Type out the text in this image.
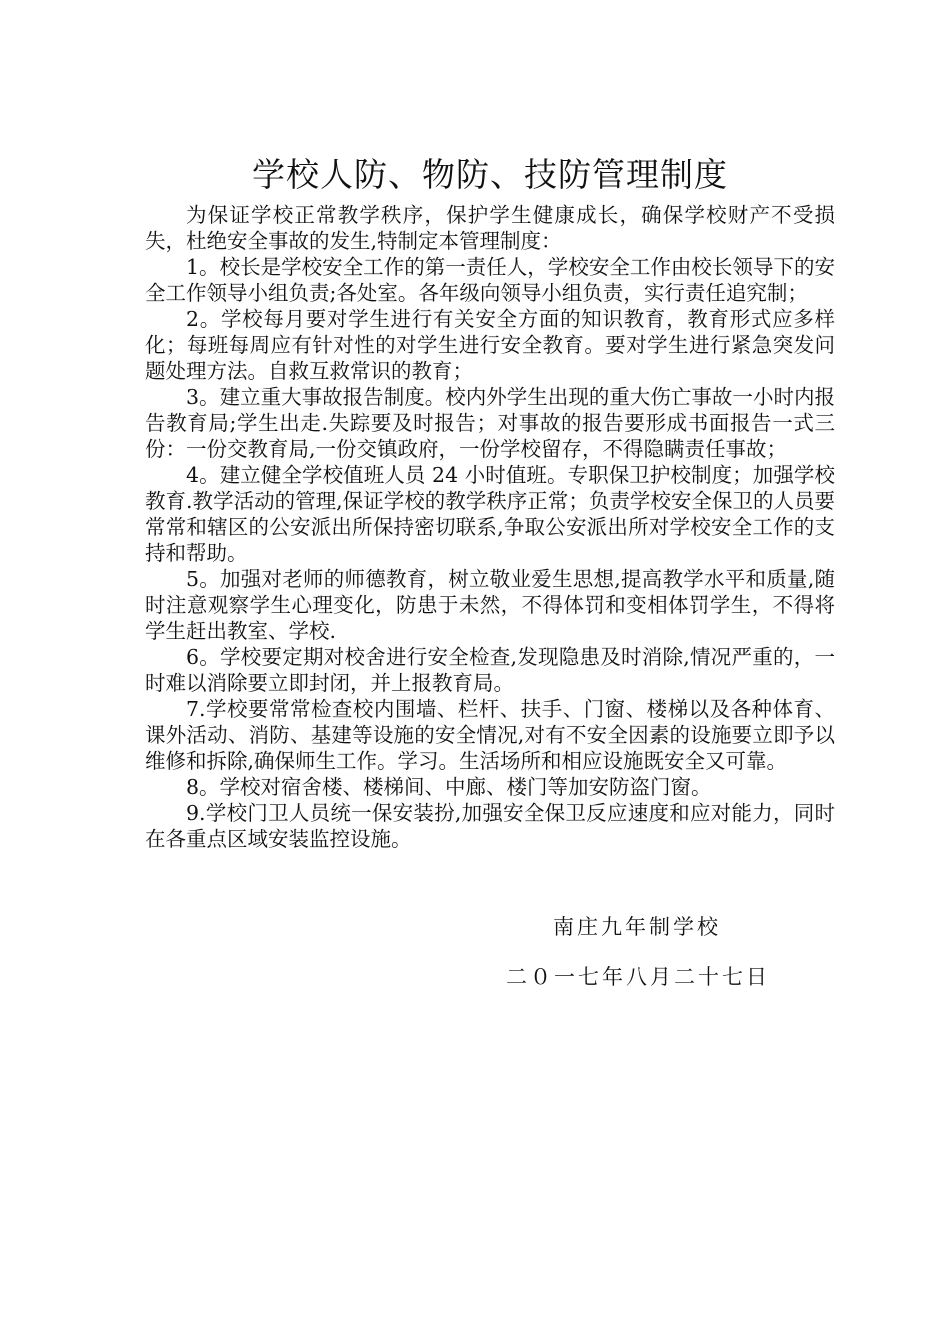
学校人防、物防、技防管理制度

为保证学校正常教学秩序，保护学生健康成长，确保学校财产不受损失，杜绝安全事故的发生,特制定本管理制度：

1。校长是学校安全工作的第一责任人，学校安全工作由校长领导下的安全工作领导小组负责;各处室。各年级向领导小组负责，实行责任追究制；

2。学校每月要对学生进行有关安全方面的知识教育，教育形式应多样化；每班每周应有针对性的对学生进行安全教育。要对学生进行紧急突发问题处理方法。自救互救常识的教育；

3。建立重大事故报告制度。校内外学生出现的重大伤亡事故一小时内报告教育局;学生出走.失踪要及时报告；对事故的报告要形成书面报告一式三份：一份交教育局,一份交镇政府，一份学校留存，不得隐瞒责任事故；

4。建立健全学校值班人员 24 小时值班。专职保卫护校制度；加强学校教育.教学活动的管理,保证学校的教学秩序正常；负责学校安全保卫的人员要常常和辖区的公安派出所保持密切联系,争取公安派出所对学校安全工作的支持和帮助。

5。加强对老师的师德教育，树立敬业爱生思想,提高教学水平和质量,随时注意观察学生心理变化，防患于未然，不得体罚和变相体罚学生，不得将学生赶出教室、学校.

6。学校要定期对校舍进行安全检查,发现隐患及时消除,情况严重的，一时难以消除要立即封闭，并上报教育局。

7.学校要常常检查校内围墙、栏杆、扶手、门窗、楼梯以及各种体育、课外活动、消防、基建等设施的安全情况,对有不安全因素的设施要立即予以维修和拆除,确保师生工作。学习。生活场所和相应设施既安全又可靠。

8。学校对宿舍楼、楼梯间、中廊、楼门等加安防盗门窗。

9.学校门卫人员统一保安装扮,加强安全保卫反应速度和应对能力，同时在各重点区域安装监控设施。

南庄九年制学校
二０一七年八月二十七日
